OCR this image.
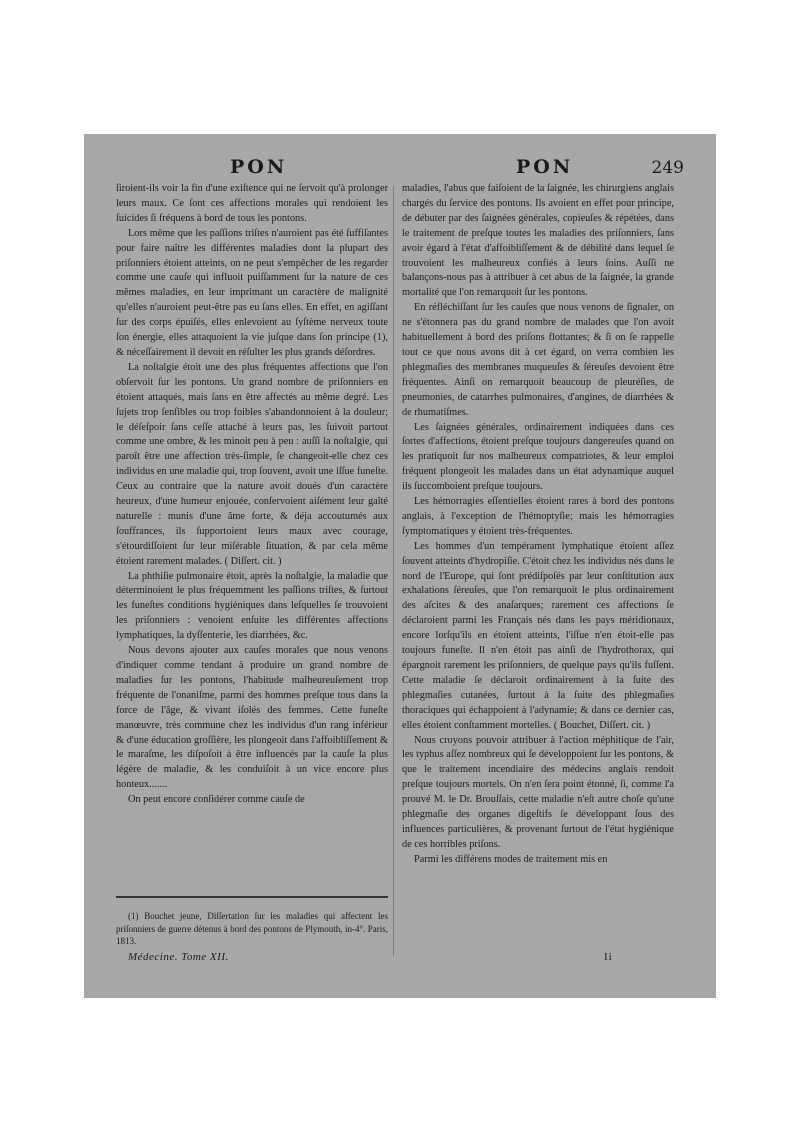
PON	PON	249

ſiroient-ils voir la fin d'une exiſtence qui ne ſervoit qu'à prolonger leurs maux. Ce ſont ces affections morales qui rendoient les ſuicides ſi fréquens à bord de tous les pontons.

Lors même que les paſſions triſtes n'auroient pas été ſuffiſantes pour faire naître les différentes maladies dont la plupart des priſonniers étoient atteints, on ne peut s'empêcher de les regarder comme une cauſe qui influoit puiſſamment ſur la nature de ces mêmes maladies, en leur imprimant un caractère de malignité qu'elles n'auroient peut-être pas eu ſans elles. En effet, en agiſſant ſur des corps épuiſés, elles enlevoient au ſyſtème nerveux toute ſon énergie, elles attaquoient la vie juſque dans ſon principe (1), & néceſſairement il devoit en réſulter les plus grands déſordres.

La noſtalgie étoit une des plus fréquentes affections que l'on obſervoit ſur les pontons. Un grand nombre de priſonniers en étoient attaqués, mais ſans en être affectés au même degré. Les ſujets trop ſenſibles ou trop foibles s'abandonnoient à la douleur; le déſeſpoir ſans ceſſe attaché à leurs pas, les ſuivoit partout comme une ombre, & les minoit peu à peu : auſſi la noſtalgie, qui paroît être une affection très-ſimple, ſe changeoit-elle chez ces individus en une maladie qui, trop ſouvent, avoit une iſſue funeſte. Ceux au contraire que la nature avoit doués d'un caractère heureux, d'une humeur enjouée, conſervoient aiſément leur gaîté naturelle : munis d'une âme forte, & déja accoutumés aux ſouffrances, ils ſupportoient leurs maux avec courage, s'étourdiſſoient ſur leur miſérable ſituation, & par cela même étoient rarement malades. ( Diſſert. cit. )

La phthiſie pulmonaire étoit, après la noſtalgie, la maladie que déterminoient le plus fréquemment les paſſions triſtes, & ſurtout les funeſtes conditions hygiéniques dans leſquelles ſe trouvoient les priſonniers : venoient enſuite les différentes affections lymphatiques, la dyſſenterie, les diarrhées, &c.

Nous devons ajouter aux cauſes morales que nous venons d'indiquer comme tendant à produire un grand nombre de maladies ſur les pontons, l'habitude malheureuſement trop fréquente de l'onaniſme, parmi des hommes preſque tous dans la force de l'âge, & vivant iſolés des femmes. Cette funeſte manœuvre, très commune chez les individus d'un rang inférieur & d'une éducation groſſière, les plongeoit dans l'affoibliſſement & le maraſme, les diſpoſoit à être influencés par la cauſe la plus légère de maladie, & les conduiſoit à un vice encore plus honteux.......

On peut encore conſidérer comme cauſe de

maladies, l'abus que faiſoient de la ſaignée, les chirurgiens anglais chargés du ſervice des pontons. Ils avoient en effet pour principe, de débuter par des ſaignées générales, copieuſes & répétées, dans le traitement de preſque toutes les maladies des priſonniers, ſans avoir égard à l'état d'affoibliſſement & de débilité dans lequel ſe trouvoient les malheureux confiés à leurs ſoins. Auſſi ne balançons-nous pas à attribuer à cet abus de la ſaignée, la grande mortalité que l'on remarquoit ſur les pontons.

En réfléchiſſant ſur les cauſes que nous venons de ſignaler, on ne s'étonnera pas du grand nombre de malades que l'on avoit habituellement à bord des priſons flottantes; & ſi on ſe rappelle tout ce que nous avons dit à cet égard, on verra combien les phlegmaſies des membranes muqueuſes & ſéreuſes devoient être fréquentes. Ainſi on remarquoit beaucoup de pleuréſies, de pneumonies, de catarrhes pulmonaires, d'angines, de diarrhées & de rhumatiſmes.

Les ſaignées générales, ordinairement indiquées dans ces ſortes d'affections, étoient preſque toujours dangereuſes quand on les pratiquoit ſur nos malheureux compatriotes, & leur emploi fréquent plongeoit les malades dans un état adynamique auquel ils ſuccomboient preſque toujours.

Les hémorragies eſſentielles étoient rares à bord des pontons anglais, à l'exception de l'hémoptyſie; mais les hémorragies ſymptomatiques y étoient très-fréquentes.

Les hommes d'un tempérament lymphatique étoient aſſez ſouvent atteints d'hydropiſie. C'étoit chez les individus nés dans le nord de l'Europe, qui ſont prédiſpoſés par leur conſtitution aux exhalations ſéreuſes, que l'on remarquoit le plus ordinairement des aſcites & des anaſarques; rarement ces affections ſe déclaroient parmi les Français nés dans les pays méridionaux, encore lorſqu'ils en étoient atteints, l'iſſue n'en étoit-elle pas toujours funeſte. Il n'en étoit pas ainſi de l'hydrothorax, qui épargnoit rarement les priſonniers, de quelque pays qu'ils fuſſent. Cette maladie ſe déclaroit ordinairement à la ſuite des phlegmaſies cutanées, ſurtout à la ſuite des phlegmaſies thoraciques qui échappoient à l'adynamie; & dans ce dernier cas, elles étoient conſtamment mortelles. ( Bouchet, Diſſert. cit. )

Nous croyons pouvoir attribuer à l'action méphitique de l'air, les typhus aſſez nombreux qui ſe développoient ſur les pontons, & que le traitement incendiaire des médecins anglais rendoit preſque toujours mortels. On n'en ſera point étonné, ſi, comme l'a prouvé M. le Dr. Brouſſais, cette maladie n'eſt autre choſe qu'une phlegmaſie des organes digeſtifs ſe développant ſous des influences particulières, & provenant ſurtout de l'état hygiénique de ces horribles priſons.

Parmi les différens modes de traitement mis en

(1) Bouchet jeune, Diſſertation ſur les maladies qui affectent les priſonniers de guerre détenus à bord des pontons de Plymouth, in-4°. Paris, 1813.

Médecine. Tome XII.	Ii
